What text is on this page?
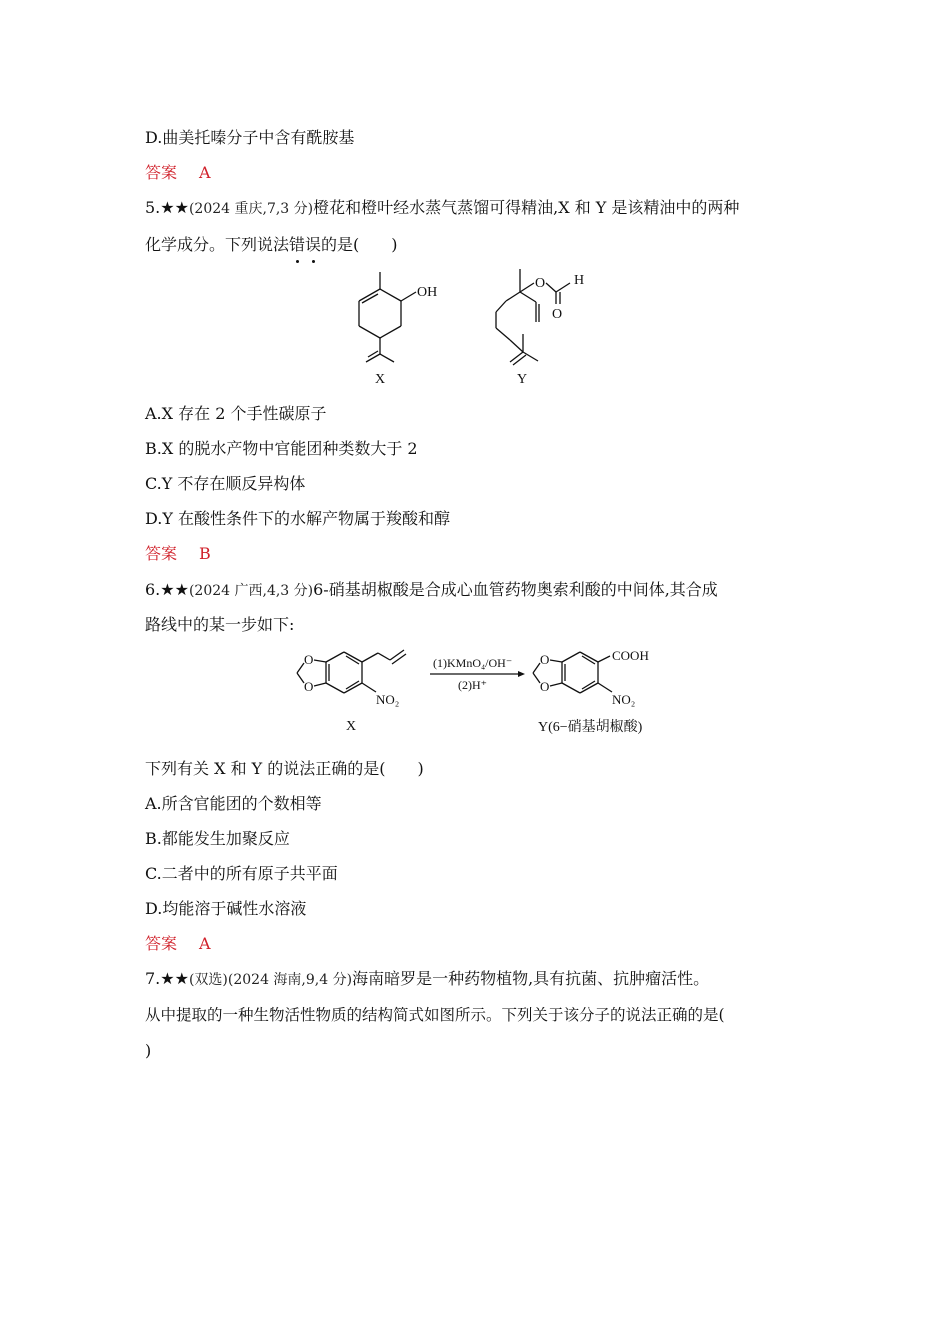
D.曲美托嗪分子中含有酰胺基
答案 A
5.★★(2024 重庆,7,3 分)橙花和橙叶经水蒸气蒸馏可得精油,X 和 Y 是该精油中的两种
化学成分。下列说法错误的是(　　)
OH
X
O H
O
Y
A.X 存在 2 个手性碳原子
B.X 的脱水产物中官能团种类数大于 2
C.Y 不存在顺反异构体
D.Y 在酸性条件下的水解产物属于羧酸和醇
答案 B
6.★★(2024 广西,4,3 分)6-硝基胡椒酸是合成心血管药物奥索利酸的中间体,其合成
路线中的某一步如下:
O
O
NO₂
X
(1)KMnO₄/OH⁻
(2)H⁺
O
O
COOH
NO₂
Y(6−硝基胡椒酸)
下列有关 X 和 Y 的说法正确的是(　　)
A.所含官能团的个数相等
B.都能发生加聚反应
C.二者中的所有原子共平面
D.均能溶于碱性水溶液
答案 A
7.★★(双选)(2024 海南,9,4 分)海南暗罗是一种药物植物,具有抗菌、抗肿瘤活性。
从中提取的一种生物活性物质的结构简式如图所示。下列关于该分子的说法正确的是(
)
